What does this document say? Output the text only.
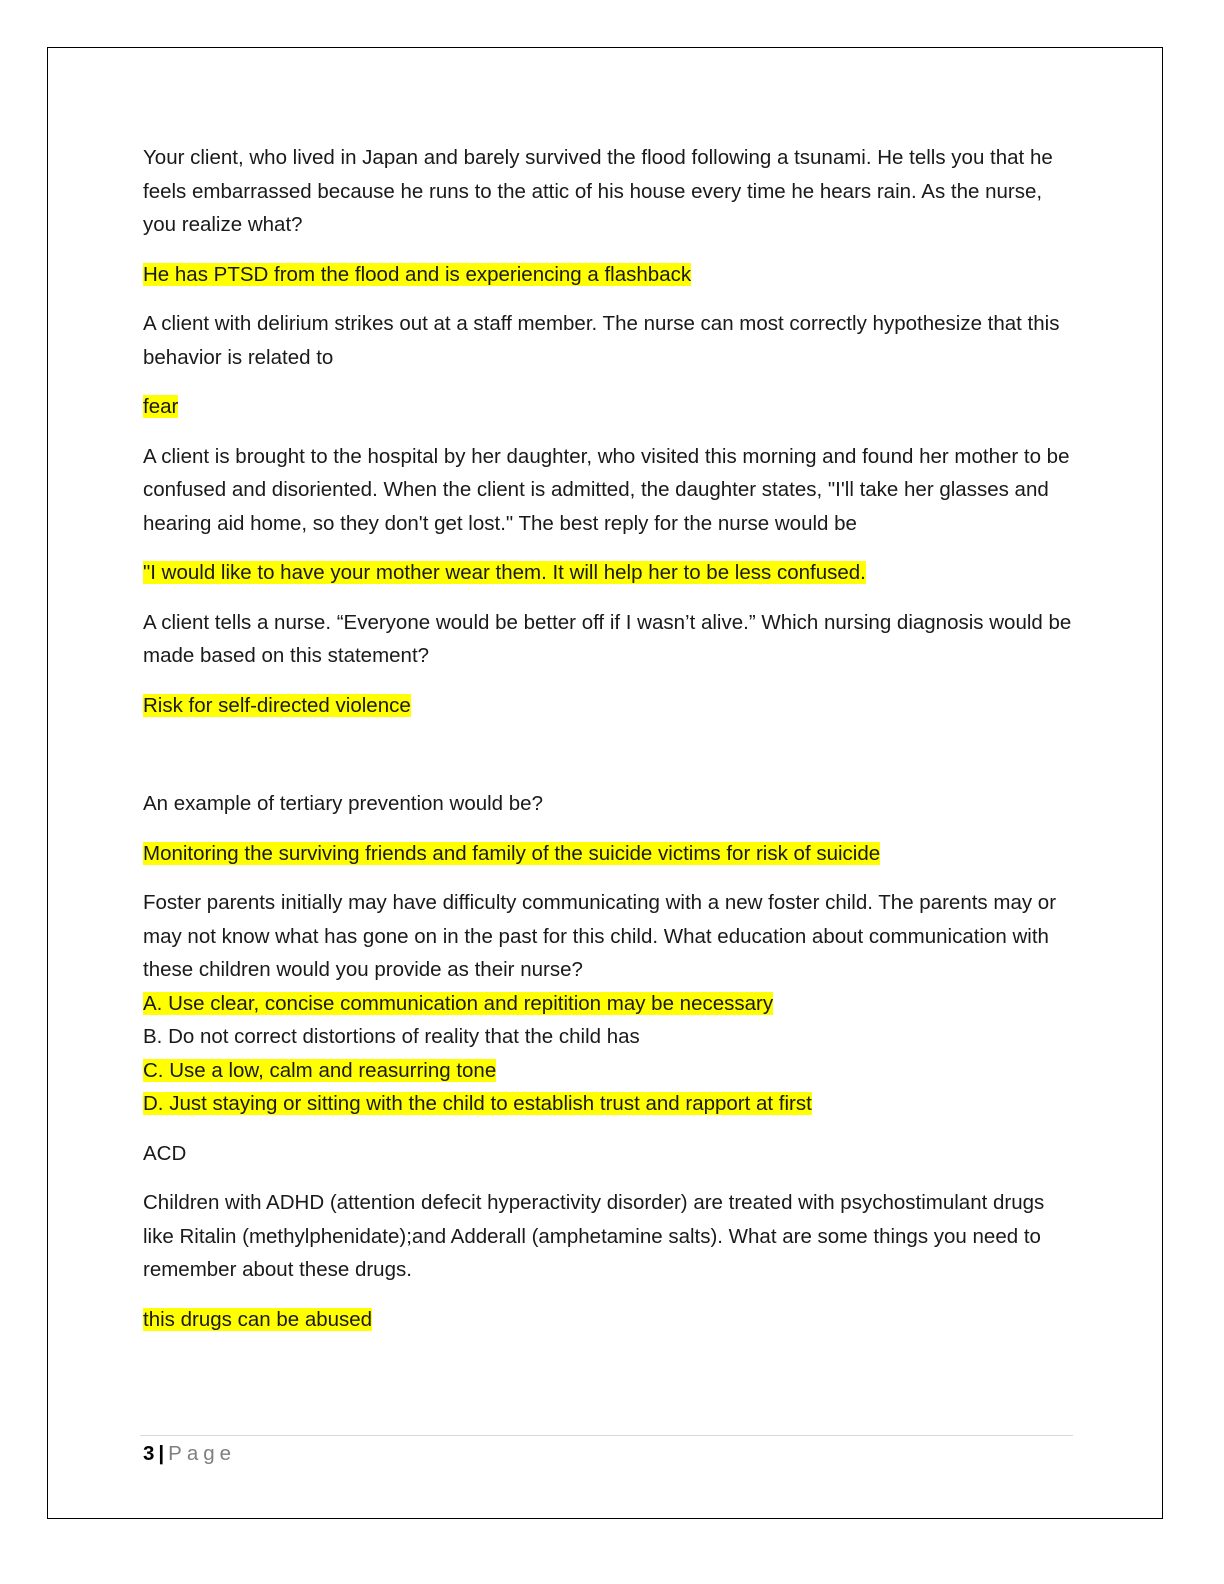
Your client, who lived in Japan and barely survived the flood following a tsunami. He tells you that he feels embarrassed because he runs to the attic of his house every time he hears rain. As the nurse, you realize what?

He has PTSD from the flood and is experiencing a flashback

A client with delirium strikes out at a staff member. The nurse can most correctly hypothesize that this behavior is related to

fear

A client is brought to the hospital by her daughter, who visited this morning and found her mother to be confused and disoriented. When the client is admitted, the daughter states, "I'll take her glasses and hearing aid home, so they don't get lost." The best reply for the nurse would be

"I would like to have your mother wear them. It will help her to be less confused.

A client tells a nurse. “Everyone would be better off if I wasn’t alive.” Which nursing diagnosis would be made based on this statement?

Risk for self-directed violence

An example of tertiary prevention would be?

Monitoring the surviving friends and family of the suicide victims for risk of suicide

Foster parents initially may have difficulty communicating with a new foster child. The parents may or may not know what has gone on in the past for this child. What education about communication with these children would you provide as their nurse?

A. Use clear, concise communication and repitition may be necessary

B. Do not correct distortions of reality that the child has

C. Use a low, calm and reasurring tone

D. Just staying or sitting with the child to establish trust and rapport at first

ACD

Children with ADHD (attention defecit hyperactivity disorder) are treated with psychostimulant drugs like Ritalin (methylphenidate);and Adderall (amphetamine salts). What are some things you need to remember about these drugs.

this drugs can be abused

3 | Page
